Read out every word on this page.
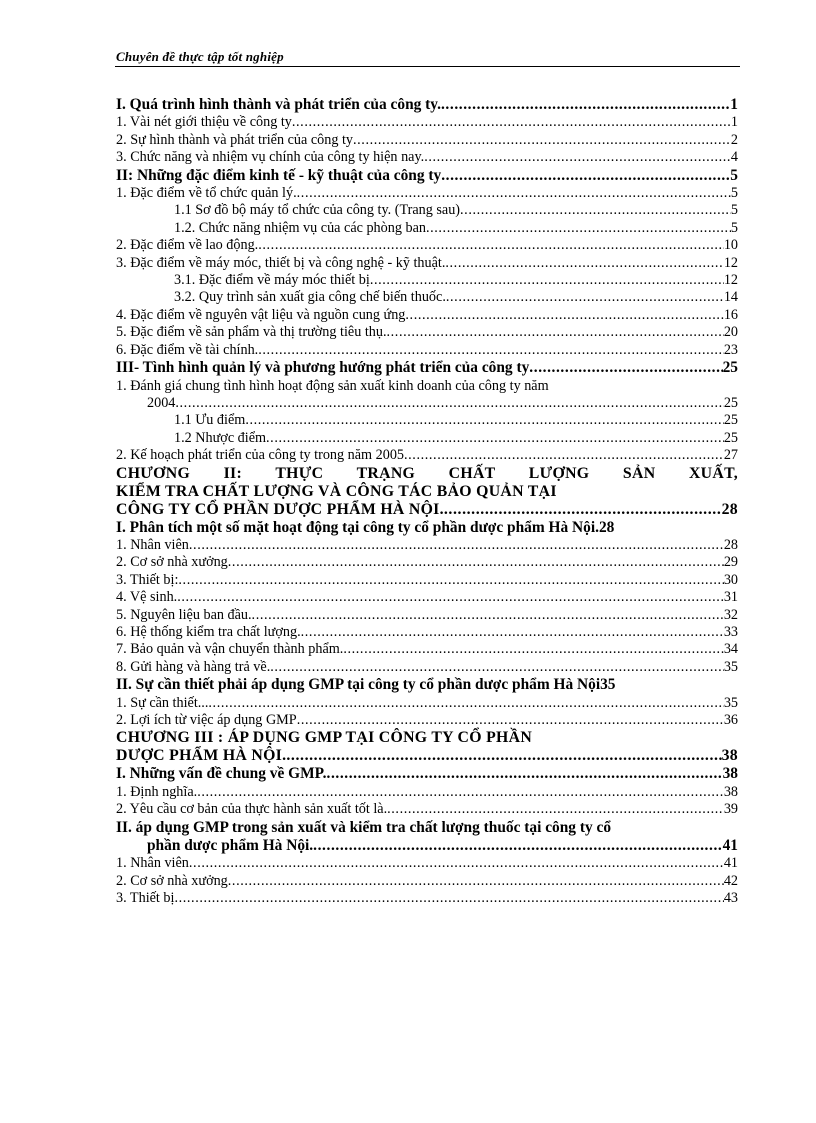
Chuyên đề thực tập tốt nghiệp
I. Quá trình hình thành và phát triển của công ty. .....	1
1. Vài nét giới thiệu về công ty .....	1
2. Sự hình thành và phát triển của công ty .....	2
3. Chức năng và nhiệm vụ chính của công ty hiện nay. .....	4
II: Những đặc điểm kinh tế - kỹ thuật của công ty .....	5
1. Đặc điểm về tổ chức quản lý. .....	5
1.1 Sơ đồ bộ máy tổ chức của công ty. (Trang sau) .....	5
1.2. Chức năng nhiệm vụ của các phòng ban .....	5
2. Đặc điểm về lao động. .....	10
3. Đặc điểm về máy móc, thiết bị và công nghệ - kỹ thuật. .....	12
3.1. Đặc điểm về máy móc thiết bị .....	12
3.2. Quy trình sản xuất gia công chế biến thuốc. .....	14
4. Đặc điểm về nguyên vật liệu và nguồn cung ứng .....	16
5. Đặc điểm về sản phẩm và thị trường tiêu thụ. .....	20
6. Đặc điểm về tài chính. .....	23
III- Tình hình quản lý và phương hướng phát triển của công ty .....	25
1. Đánh giá chung tình hình hoạt động sản xuất kinh doanh của công ty năm
2004 .....	25
1.1 Ưu điểm .....	25
1.2 Nhược điểm .....	25
2. Kế hoạch phát triển của công ty trong năm 2005 .....	27
CHƯƠNG II: THỰC TRẠNG CHẤT LƯỢNG SẢN XUẤT,
KIỂM TRA CHẤT LƯỢNG VÀ CÔNG TÁC BẢO QUẢN TẠI
CÔNG TY CỔ PHẦN DƯỢC PHẨM HÀ NỘI. .....	28
I. Phân tích một số mặt hoạt động tại công ty cổ phần dược phẩm Hà Nội. 28
1. Nhân viên .....	28
2. Cơ sở nhà xưởng .....	29
3. Thiết bị: .....	30
4. Vệ sinh. .....	31
5. Nguyên liệu ban đầu. .....	32
6. Hệ thống kiểm tra chất lượng. .....	33
7. Bảo quản và vận chuyển thành phẩm. .....	34
8. Gửi hàng và hàng trả về. .....	35
II. Sự cần thiết phải áp dụng GMP tại công ty cổ phần dược phẩm Hà Nội 35
1. Sự cần thiết... .....	35
2. Lợi ích từ việc áp dụng GMP .....	36
CHƯƠNG III : ÁP DỤNG GMP TẠI CÔNG TY CỔ PHẦN
DƯỢC PHẨM HÀ NỘI. .....	38
I. Những vấn đề chung về GMP. .....	38
1. Định nghĩa. .....	38
2. Yêu cầu cơ bản của thực hành sản xuất tốt là. .....	39
II. áp dụng GMP trong sản xuất và kiểm tra chất lượng thuốc tại công ty cổ
phần dược phẩm Hà Nội. .....	41
1. Nhân viên .....	41
2. Cơ sở nhà xưởng .....	42
3. Thiết bị .....	43
